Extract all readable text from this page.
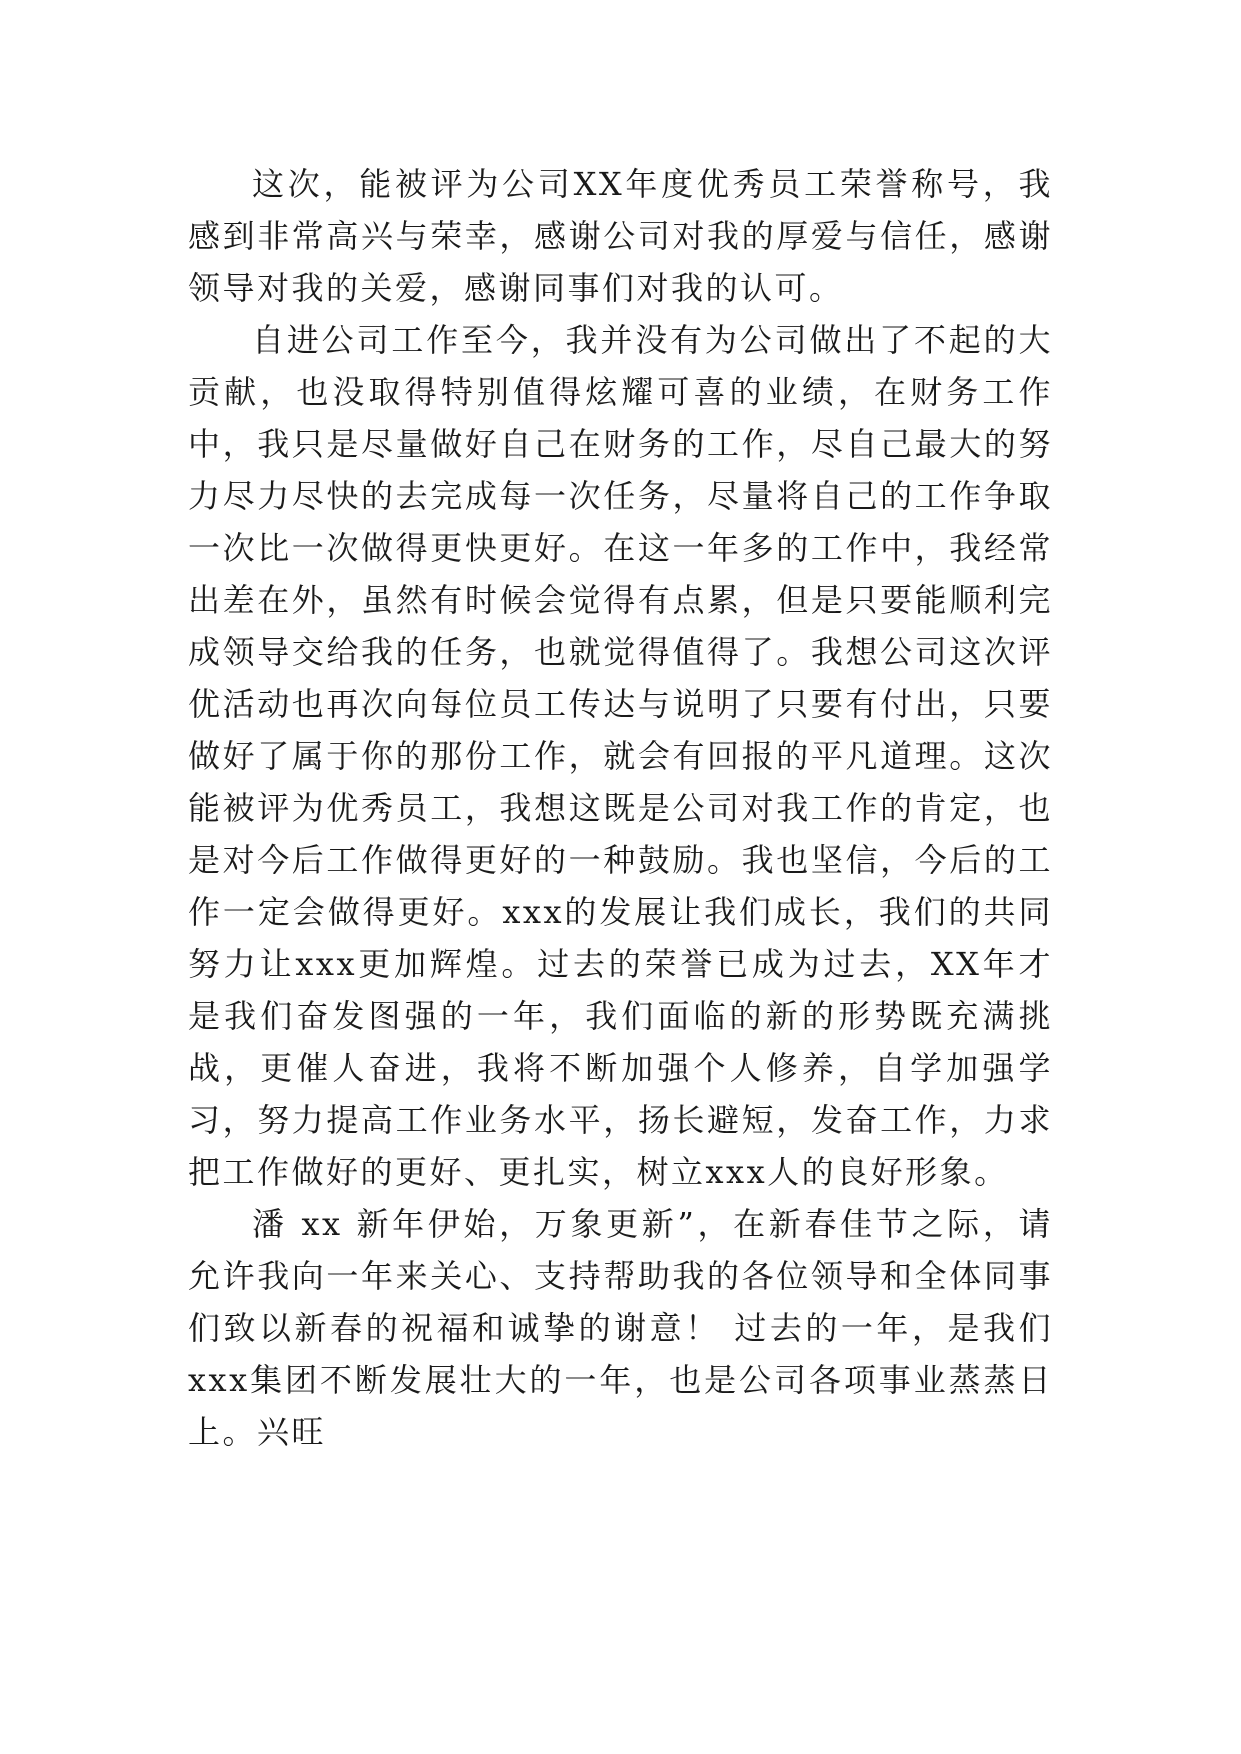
这次，能被评为公司XX年度优秀员工荣誉称号，我感到非常高兴与荣幸，感谢公司对我的厚爱与信任，感谢领导对我的关爱，感谢同事们对我的认可。

自进公司工作至今，我并没有为公司做出了不起的大贡献，也没取得特别值得炫耀可喜的业绩，在财务工作中，我只是尽量做好自己在财务的工作，尽自己最大的努力尽力尽快的去完成每一次任务，尽量将自己的工作争取一次比一次做得更快更好。在这一年多的工作中，我经常出差在外，虽然有时候会觉得有点累，但是只要能顺利完成领导交给我的任务，也就觉得值得了。我想公司这次评优活动也再次向每位员工传达与说明了只要有付出，只要做好了属于你的那份工作，就会有回报的平凡道理。这次能被评为优秀员工，我想这既是公司对我工作的肯定，也是对今后工作做得更好的一种鼓励。我也坚信，今后的工作一定会做得更好。xxx的发展让我们成长，我们的共同努力让xxx更加辉煌。过去的荣誉已成为过去，XX年才是我们奋发图强的一年，我们面临的新的形势既充满挑战，更催人奋进，我将不断加强个人修养，自学加强学习，努力提高工作业务水平，扬长避短，发奋工作，力求把工作做好的更好、更扎实，树立xxx人的良好形象。

潘 xx 新年伊始，万象更新”，在新春佳节之际，请允许我向一年来关心、支持帮助我的各位领导和全体同事们致以新春的祝福和诚挚的谢意！ 过去的一年，是我们xxx集团不断发展壮大的一年，也是公司各项事业蒸蒸日上。兴旺
